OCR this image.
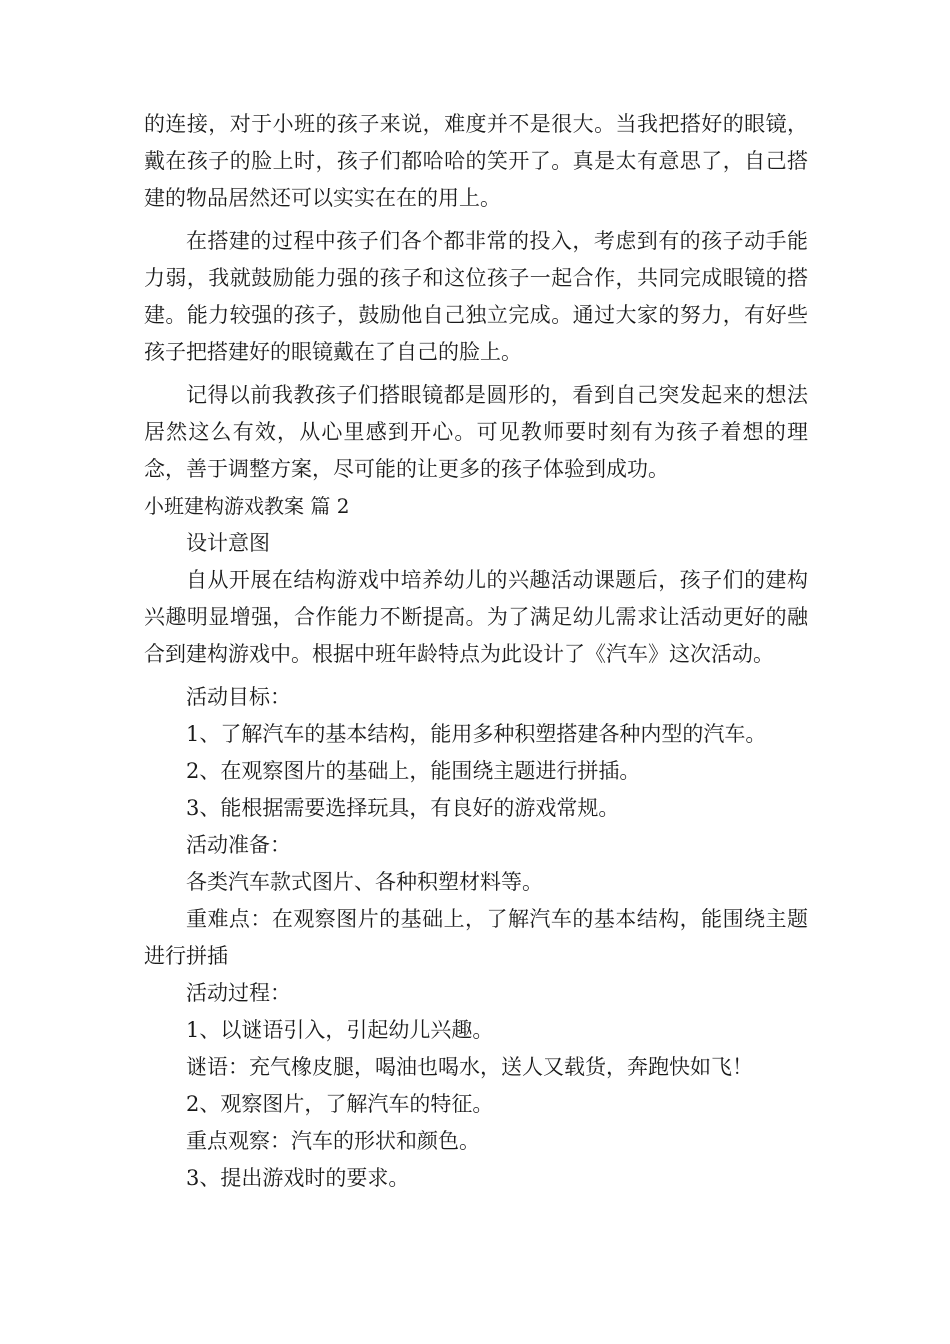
的连接，对于小班的孩子来说，难度并不是很大。当我把搭好的眼镜，戴在孩子的脸上时，孩子们都哈哈的笑开了。真是太有意思了，自己搭建的物品居然还可以实实在在的用上。

在搭建的过程中孩子们各个都非常的投入，考虑到有的孩子动手能力弱，我就鼓励能力强的孩子和这位孩子一起合作，共同完成眼镜的搭建。能力较强的孩子，鼓励他自己独立完成。通过大家的努力，有好些孩子把搭建好的眼镜戴在了自己的脸上。

记得以前我教孩子们搭眼镜都是圆形的，看到自己突发起来的想法居然这么有效，从心里感到开心。可见教师要时刻有为孩子着想的理念，善于调整方案，尽可能的让更多的孩子体验到成功。

小班建构游戏教案 篇 2

设计意图

自从开展在结构游戏中培养幼儿的兴趣活动课题后，孩子们的建构兴趣明显增强，合作能力不断提高。为了满足幼儿需求让活动更好的融合到建构游戏中。根据中班年龄特点为此设计了《汽车》这次活动。

活动目标：

1、了解汽车的基本结构，能用多种积塑搭建各种内型的汽车。

2、在观察图片的基础上，能围绕主题进行拼插。

3、能根据需要选择玩具，有良好的游戏常规。

活动准备：

各类汽车款式图片、各种积塑材料等。

重难点：在观察图片的基础上，了解汽车的基本结构，能围绕主题进行拼插

活动过程：

1、以谜语引入，引起幼儿兴趣。

谜语：充气橡皮腿，喝油也喝水，送人又载货，奔跑快如飞！

2、观察图片，了解汽车的特征。

重点观察：汽车的形状和颜色。

3、提出游戏时的要求。
